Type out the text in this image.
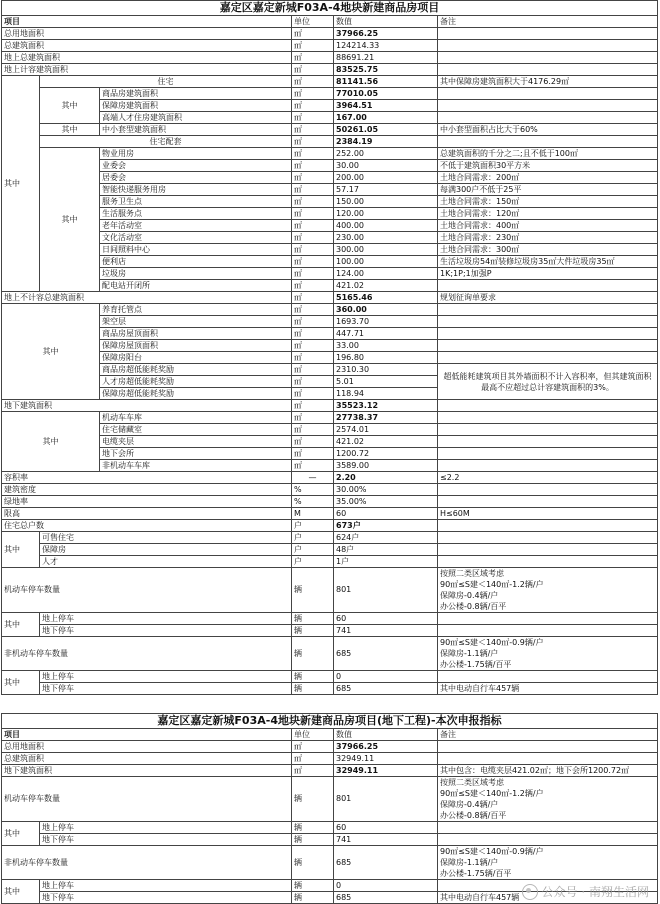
嘉定区嘉定新城F03A-4地块新建商品房项目					
项目			单位	数值	备注
总用地面积			㎡	37966.25	
总建筑面积			㎡	124214.33	
地上总建筑面积			㎡	88691.21	
地上计容建筑面积			㎡	83525.75	
其中	住宅		㎡	81141.56	其中保障房建筑面积大于4176.29㎡
	其中	商品房建筑面积	㎡	77010.05	
		保障房建筑面积	㎡	3964.51	
		高端人才住房建筑面积	㎡	167.00	
	其中	中小套型建筑面积	㎡	50261.05	中小套型面积占比大于60%
	住宅配套		㎡	2384.19	
	其中	物业用房	㎡	252.00	总建筑面积的千分之二;且不低于100㎡
		业委会	㎡	30.00	不低于建筑面积30平方米
		居委会	㎡	200.00	土地合同需求：200㎡
		智能快递服务用房	㎡	57.17	每满300户不低于25平
		服务卫生点	㎡	150.00	土地合同需求：150㎡
		生活服务点	㎡	120.00	土地合同需求：120㎡
		老年活动室	㎡	400.00	土地合同需求：400㎡
		文化活动室	㎡	230.00	土地合同需求：230㎡
		日间照料中心	㎡	300.00	土地合同需求：300㎡
		便利店	㎡	100.00	生活垃圾房54㎡装修垃圾房35㎡大件垃圾房35㎡
		垃圾房	㎡	124.00	1K;1P;1加强P
		配电站开闭所	㎡	421.02	
地上不计容总建筑面积			㎡	5165.46	规划征询单要求
其中		养育托管点	㎡	360.00	
		架空层	㎡	1693.70	
		商品房屋顶面积	㎡	447.71	
		保障房屋顶面积	㎡	33.00	
		保障房阳台	㎡	196.80	
		商品房超低能耗奖励	㎡	2310.30	超低能耗建筑项目其外墙面积不计入容积率，但其建筑面积最高不应超过总计容建筑面积的3%。
		人才房超低能耗奖励	㎡	5.01	
		保障房超低能耗奖励	㎡	118.94	
地下建筑面积			㎡	35523.12	
其中		机动车车库	㎡	27738.37	
		住宅储藏室	㎡	2574.01	
		电缆夹层	㎡	421.02	
		地下会所	㎡	1200.72	
		非机动车车库	㎡	3589.00	
容积率			—	2.20	≤2.2
建筑密度			%	30.00%	
绿地率			%	35.00%	
限高			M	60	H≤60M
住宅总户数			户	673户	
其中	可售住宅		户	624户	
	保障房		户	48户	
	人才		户	1户	
机动车停车数量			辆	801	按照二类区域考虑
90㎡≤S建＜140㎡-1.2辆/户
保障房-0.4辆/户
办公楼-0.8辆/百平

其中	地上停车		辆	60	
	地下停车		辆	741	
非机动车停车数量			辆	685	90㎡≤S建＜140㎡-0.9辆/户
保障房-1.1辆/户
办公楼-1.75辆/百平

其中	地上停车		辆	0	
	地下停车		辆	685	其中电动自行车457辆
嘉定区嘉定新城F03A-4地块新建商品房项目(地下工程)-本次申报指标				
项目		单位	数值	备注
总用地面积		㎡	37966.25	
总建筑面积		㎡	32949.11	
地下建筑面积		㎡	32949.11	其中包含：电缆夹层421.02㎡；地下会所1200.72㎡
机动车停车数量		辆	801	按照二类区域考虑
90㎡≤S建＜140㎡-1.2辆/户
保障房-0.4辆/户
办公楼-0.8辆/百平

其中	地上停车	辆	60	
	地下停车	辆	741	
非机动车停车数量		辆	685	90㎡≤S建＜140㎡-0.9辆/户
保障房-1.1辆/户
办公楼-1.75辆/百平

其中	地上停车	辆	0	
	地下停车	辆	685	其中电动自行车457辆 公众号 · 南翔生活网
